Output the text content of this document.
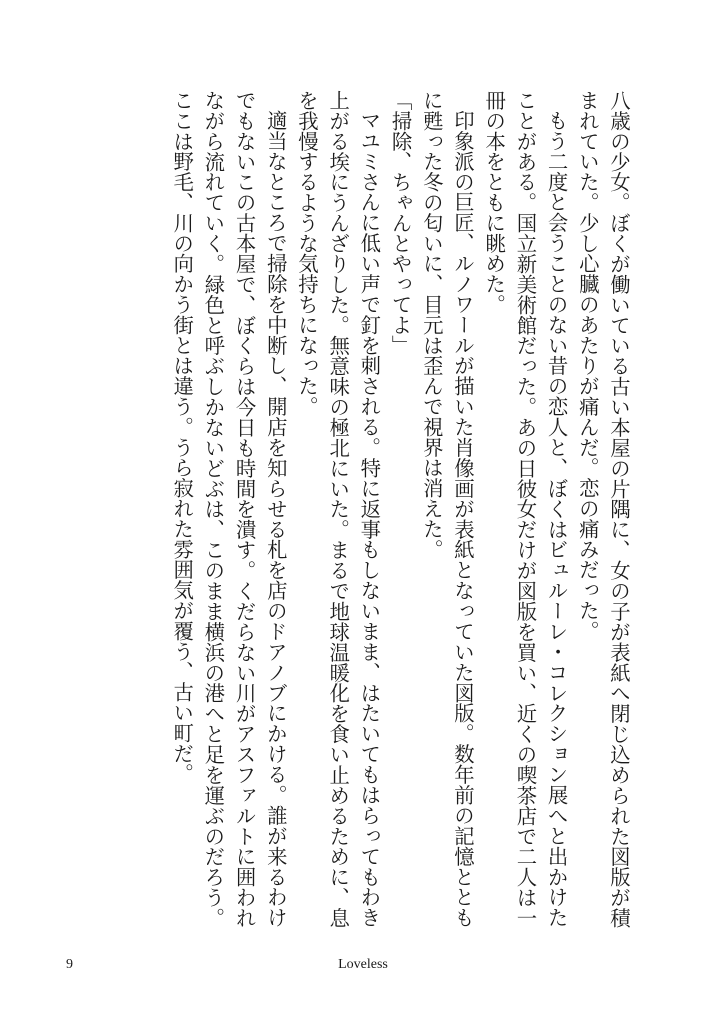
八歳の少女。ぼくが働いている古い本屋の片隅に、女の子が表紙へ閉じ込められた図版が積まれていた。少し心臓のあたりが痛んだ。恋の痛みだった。

もう二度と会うことのない昔の恋人と、ぼくはビュルーレ・コレクション展へと出かけたことがある。国立新美術館だった。あの日彼女だけが図版を買い、近くの喫茶店で二人は一冊の本をともに眺めた。

印象派の巨匠、ルノワールが描いた肖像画が表紙となっていた図版。数年前の記憶とともに甦った冬の匂いに、目元は歪んで視界は消えた。

「掃除、ちゃんとやってよ」

マユミさんに低い声で釘を刺される。特に返事もしないまま、はたいてもはらってもわき上がる埃にうんざりした。無意味の極北にいた。まるで地球温暖化を食い止めるために、息を我慢するような気持ちになった。

適当なところで掃除を中断し、開店を知らせる札を店のドアノブにかける。誰が来るわけでもないこの古本屋で、ぼくらは今日も時間を潰す。くだらない川がアスファルトに囲われながら流れていく。緑色と呼ぶしかないどぶは、このまま横浜の港へと足を運ぶのだろう。ここは野毛、川の向かう街とは違う。うら寂れた雰囲気が覆う、古い町だ。

9	Loveless
